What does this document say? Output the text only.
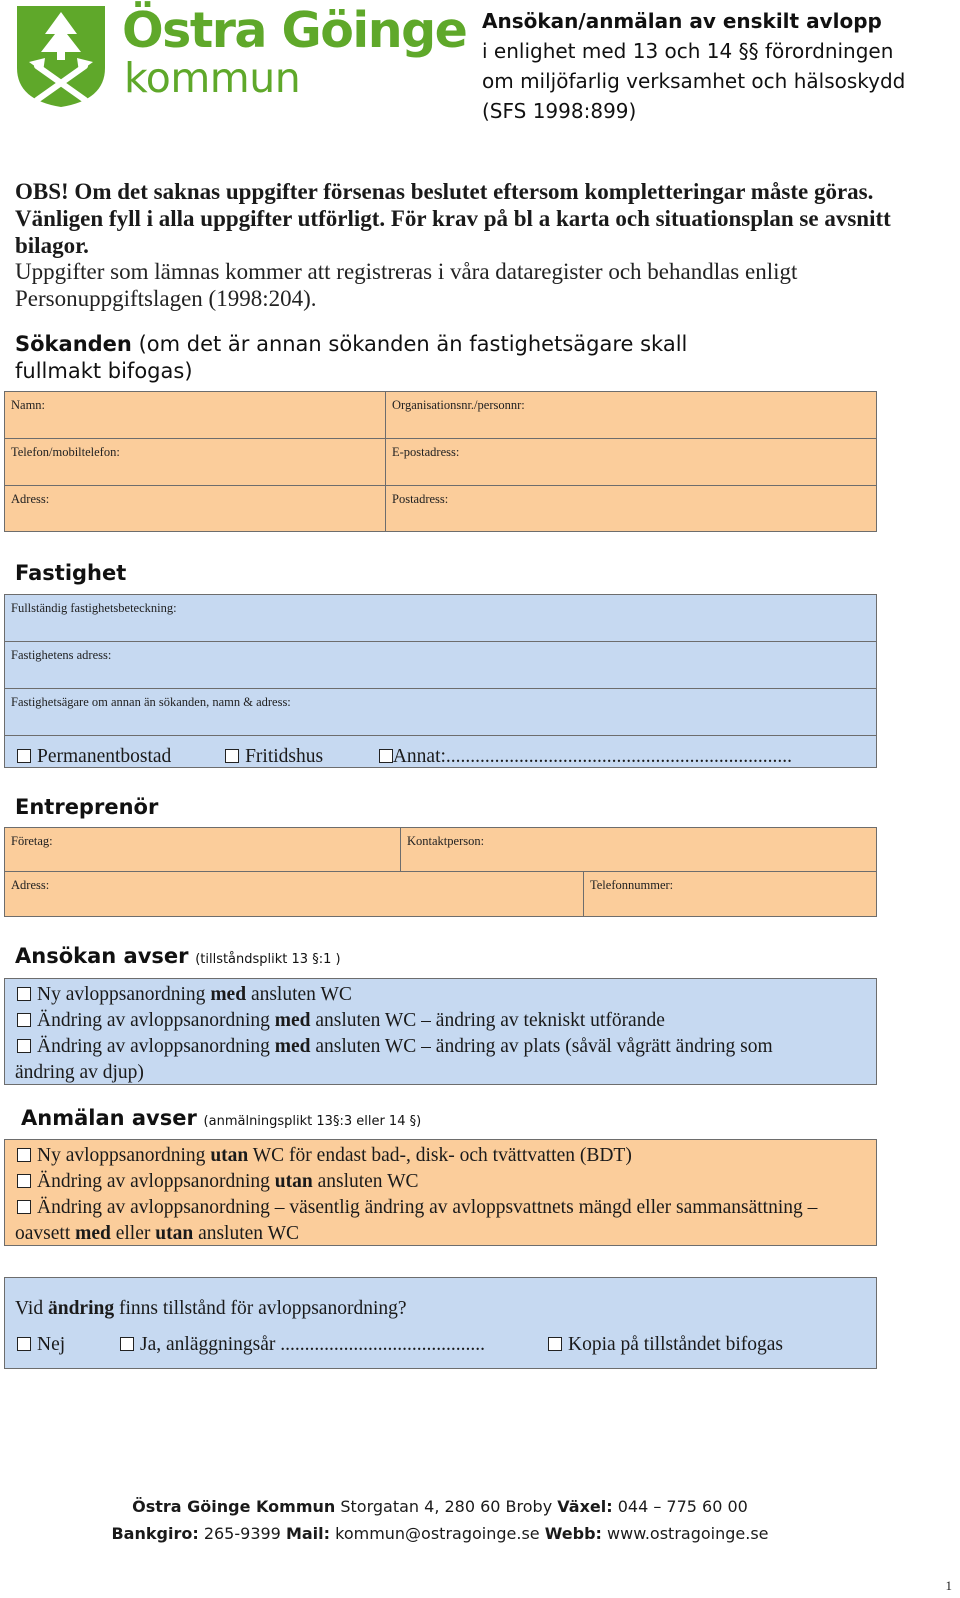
Östra Göinge
kommun
Ansökan/anmälan av enskilt avlopp
i enlighet med 13 och 14 §§ förordningen
om miljöfarlig verksamhet och hälsoskydd
(SFS 1998:899)
OBS! Om det saknas uppgifter försenas beslutet eftersom kompletteringar måste göras. Vänligen fyll i alla uppgifter utförligt. För krav på bl a karta och situationsplan se avsnitt bilagor.
Uppgifter som lämnas kommer att registreras i våra dataregister och behandlas enligt Personuppgiftslagen (1998:204).
Sökanden (om det är annan sökanden än fastighetsägare skall fullmakt bifogas)
Namn:	Organisationsnr./personnr:
Telefon/mobiltelefon:	E-postadress:
Adress:	Postadress:
Fastighet
Fullständig fastighetsbeteckning:
Fastighetens adress:
Fastighetsägare om annan än sökanden, namn & adress:
Permanentbostad	Fritidshus	Annat:.......................................................................
Entreprenör
Företag:	Kontaktperson:
Adress:	Telefonnummer:
Ansökan avser (tillståndsplikt 13 §:1 )
Ny avloppsanordning med ansluten WC
Ändring av avloppsanordning med ansluten WC – ändring av tekniskt utförande
Ändring av avloppsanordning med ansluten WC – ändring av plats (såväl vågrätt ändring som
ändring av djup)
Anmälan avser (anmälningsplikt 13§:3 eller 14 §)
Ny avloppsanordning utan WC för endast bad-, disk- och tvättvatten (BDT)
Ändring av avloppsanordning utan ansluten WC
Ändring av avloppsanordning – väsentlig ändring av avloppsvattnets mängd eller sammansättning –
oavsett med eller utan ansluten WC
Vid ändring finns tillstånd för avloppsanordning?
Nej	Ja, anläggningsår ..........................................	Kopia på tillståndet bifogas
Östra Göinge Kommun Storgatan 4, 280 60 Broby Växel: 044 – 775 60 00
Bankgiro: 265-9399 Mail: kommun@ostragoinge.se Webb: www.ostragoinge.se
1
